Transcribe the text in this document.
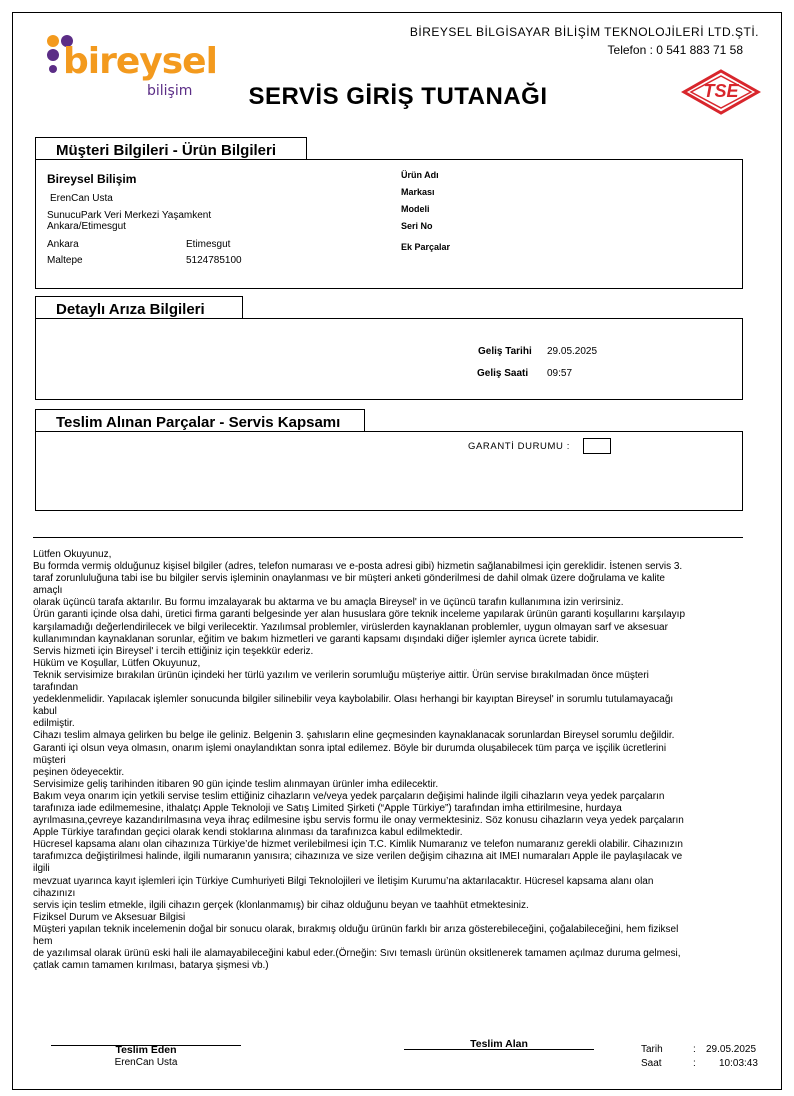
BİREYSEL BİLGİSAYAR BİLİŞİM TEKNOLOJİLERİ LTD.ŞTİ.
Telefon : 0 541 883 71 58
bireysel
bilişim	SERVİS GİRİŞ TUTANAĞI	TSE
Müşteri Bilgileri - Ürün Bilgileri
Bireysel Bilişim
ErenCan Usta
SunucuPark Veri Merkezi Yaşamkent
Ankara/Etimesgut
Ankara	Etimesgut
Maltepe	5124785100
Ürün Adı
Markası
Modeli
Seri No
Ek Parçalar
Detaylı Arıza Bilgileri
Geliş Tarihi 29.05.2025
Geliş Saati 09:57
Teslim Alınan Parçalar - Servis Kapsamı
GARANTİ DURUMU :

Lütfen Okuyunuz,

Bu formda vermiş olduğunuz kişisel bilgiler (adres, telefon numarası ve e-posta adresi gibi) hizmetin sağlanabilmesi için gereklidir. İstenen servis 3.

taraf zorunluluğuna tabi ise bu bilgiler servis işleminin onaylanması ve bir müşteri anketi gönderilmesi de dahil olmak üzere doğrulama ve kalite

amaçlı

olarak üçüncü tarafa aktarılır. Bu formu imzalayarak bu aktarma ve bu amaçla Bireysel' in ve üçüncü tarafın kullanımına izin verirsiniz.

Ürün garanti içinde olsa dahi, üretici firma garanti belgesinde yer alan hususlara göre teknik inceleme yapılarak ürünün garanti koşullarını karşılayıp

karşılamadığı değerlendirilecek ve bilgi verilecektir. Yazılımsal problemler, virüslerden kaynaklanan problemler, uygun olmayan sarf ve aksesuar

kullanımından kaynaklanan sorunlar, eğitim ve bakım hizmetleri ve garanti kapsamı dışındaki diğer işlemler ayrıca ücrete tabidir.

Servis hizmeti için Bireysel' i tercih ettiğiniz için teşekkür ederiz.

Hüküm ve Koşullar, Lütfen Okuyunuz,

Teknik servisimize bırakılan ürünün içindeki her türlü yazılım ve verilerin sorumluğu müşteriye aittir. Ürün servise bırakılmadan önce müşteri

tarafından

yedeklenmelidir. Yapılacak işlemler sonucunda bilgiler silinebilir veya kaybolabilir. Olası herhangi bir kayıptan Bireysel' in sorumlu tutulamayacağı

kabul

edilmiştir.

Cihazı teslim almaya gelirken bu belge ile geliniz. Belgenin 3. şahısların eline geçmesinden kaynaklanacak sorunlardan Bireysel sorumlu değildir.

Garanti içi olsun veya olmasın, onarım işlemi onaylandıktan sonra iptal edilemez. Böyle bir durumda oluşabilecek tüm parça ve işçilik ücretlerini

müşteri

peşinen ödeyecektir.

Servisimize geliş tarihinden itibaren 90 gün içinde teslim alınmayan ürünler imha edilecektir.

Bakım veya onarım için yetkili servise teslim ettiğiniz cihazların ve/veya yedek parçaların değişimi halinde ilgili cihazların veya yedek parçaların

tarafınıza iade edilmemesine, ithalatçı Apple Teknoloji ve Satış Limited Şirketi (“Apple Türkiye”) tarafından imha ettirilmesine, hurdaya

ayrılmasına,çevreye kazandırılmasına veya ihraç edilmesine işbu servis formu ile onay vermektesiniz. Söz konusu cihazların veya yedek parçaların

Apple Türkiye tarafından geçici olarak kendi stoklarına alınması da tarafınızca kabul edilmektedir.

Hücresel kapsama alanı olan cihazınıza Türkiye’de hizmet verilebilmesi için T.C. Kimlik Numaranız ve telefon numaranız gerekli olabilir. Cihazınızın

tarafımızca değiştirilmesi halinde, ilgili numaranın yanısıra; cihazınıza ve size verilen değişim cihazına ait IMEI numaraları Apple ile paylaşılacak ve

ilgili

mevzuat uyarınca kayıt işlemleri için Türkiye Cumhuriyeti Bilgi Teknolojileri ve İletişim Kurumu’na aktarılacaktır. Hücresel kapsama alanı olan

cihazınızı

servis için teslim etmekle, ilgili cihazın gerçek (klonlanmamış) bir cihaz olduğunu beyan ve taahhüt etmektesiniz.

Fiziksel Durum ve Aksesuar Bilgisi

Müşteri yapılan teknik incelemenin doğal bir sonucu olarak, bırakmış olduğu ürünün farklı bir arıza gösterebileceğini, çoğalabileceğini, hem fiziksel

hem

de yazılımsal olarak ürünü eski hali ile alamayabileceğini kabul eder.(Örneğin: Sıvı temaslı ürünün oksitlenerek tamamen açılmaz duruma gelmesi,

çatlak camın tamamen kırılması, batarya şişmesi vb.)

Teslim Eden
ErenCan Usta
Teslim Alan	Tarih	: 29.05.2025
Saat	: 10:03:43
